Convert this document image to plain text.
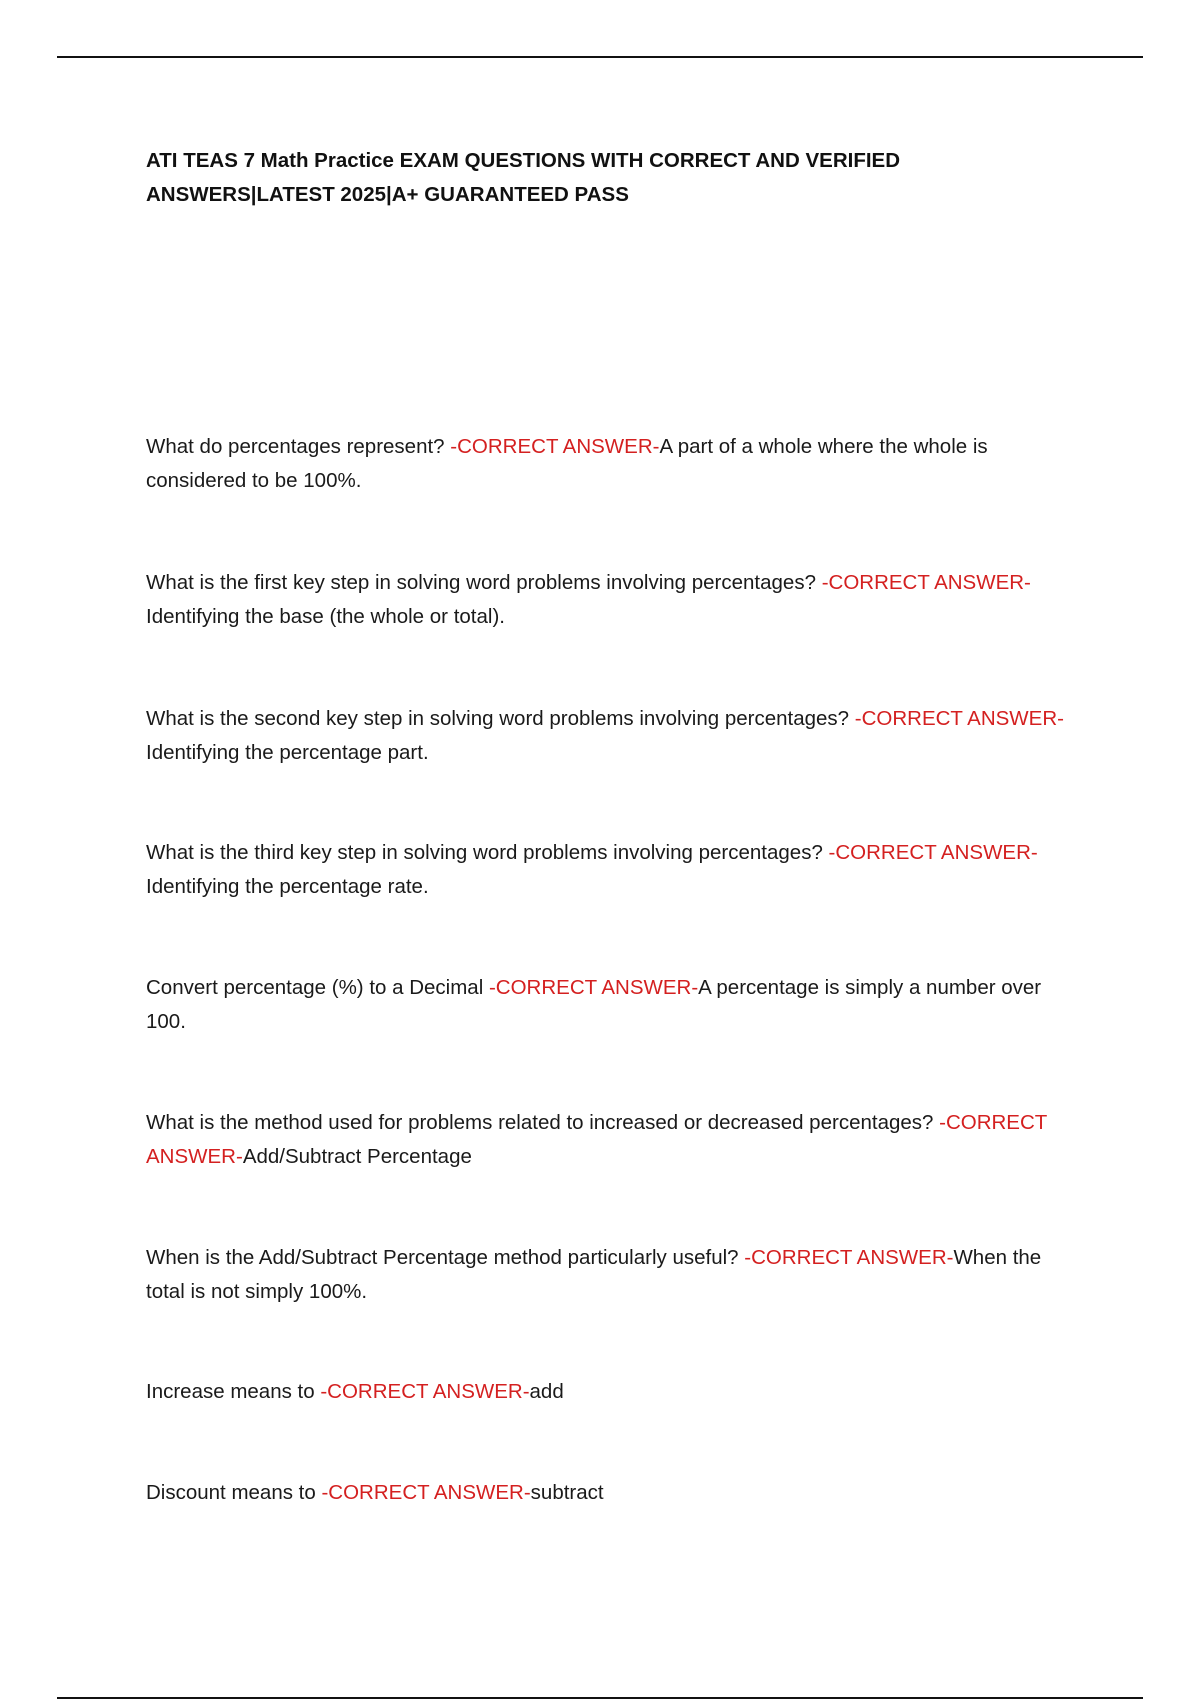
ATI TEAS 7 Math Practice EXAM QUESTIONS WITH CORRECT AND VERIFIED ANSWERS|LATEST 2025|A+ GUARANTEED PASS

What do percentages represent? -CORRECT ANSWER-A part of a whole where the whole is considered to be 100%.

What is the first key step in solving word problems involving percentages? -CORRECT ANSWER-Identifying the base (the whole or total).

What is the second key step in solving word problems involving percentages? -CORRECT ANSWER-Identifying the percentage part.

What is the third key step in solving word problems involving percentages? -CORRECT ANSWER-Identifying the percentage rate.

Convert percentage (%) to a Decimal -CORRECT ANSWER-A percentage is simply a number over 100.

What is the method used for problems related to increased or decreased percentages? -CORRECT ANSWER-Add/Subtract Percentage

When is the Add/Subtract Percentage method particularly useful? -CORRECT ANSWER-When the total is not simply 100%.

Increase means to -CORRECT ANSWER-add

Discount means to -CORRECT ANSWER-subtract
